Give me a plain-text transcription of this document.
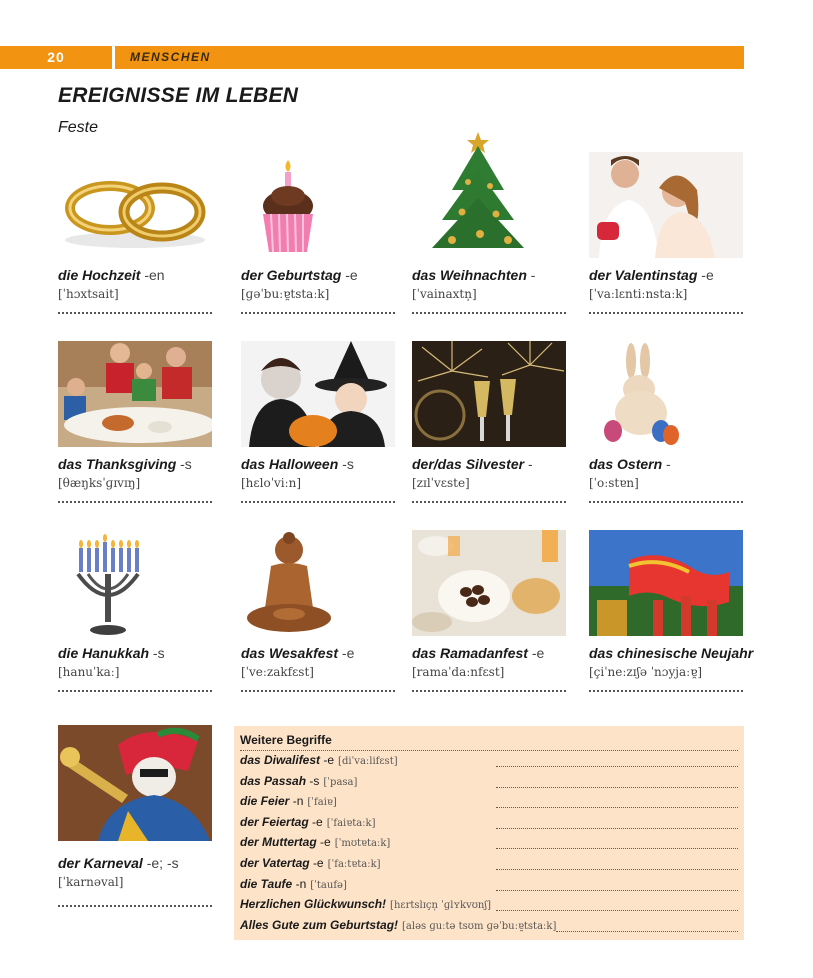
20	MENSCHEN
EREIGNISSE IM LEBEN
Feste
die Hochzeit -en
[ˈhɔxtsait]
der Geburtstag -e
[ɡəˈbuːɐ̯tstaːk]
das Weihnachten -
[ˈvainaxtn̩]
der Valentinstag -e
[ˈvaːlɛntiːnstaːk]
das Thanksgiving -s
[θæŋksˈɡɪvɪŋ]
das Halloween -s
[hɛloˈviːn]
der/das Silvester -
[zɪlˈvɛste]
das Ostern -
[ˈoːstɐn]
die Hanukkah -s
[hanuˈkaː]
das Wesakfest -e
[ˈveːzakfɛst]
das Ramadanfest -e
[ramaˈdaːnfɛst]
das chinesische Neujahr
[çiˈneːzɪʃə ˈnɔyjaːɐ̯]
der Karneval -e; -s
[ˈkarnəval]
Weitere Begriffe
das Diwalifest -e [diˈvaːlifɛst]
das Passah -s [ˈpasa]
die Feier -n [ˈfaiɐ]
der Feiertag -e [ˈfaiɐtaːk]
der Muttertag -e [ˈmʊtɐtaːk]
der Vatertag -e [ˈfaːtɐtaːk]
die Taufe -n [ˈtaufə]
Herzlichen Glückwunsch! [hɛrtslɪçn̩ ˈɡlʏkvʊnʃ]
Alles Gute zum Geburtstag! [aləs ɡuːtə tsʊm ɡəˈbuːɐ̯tstaːk]
